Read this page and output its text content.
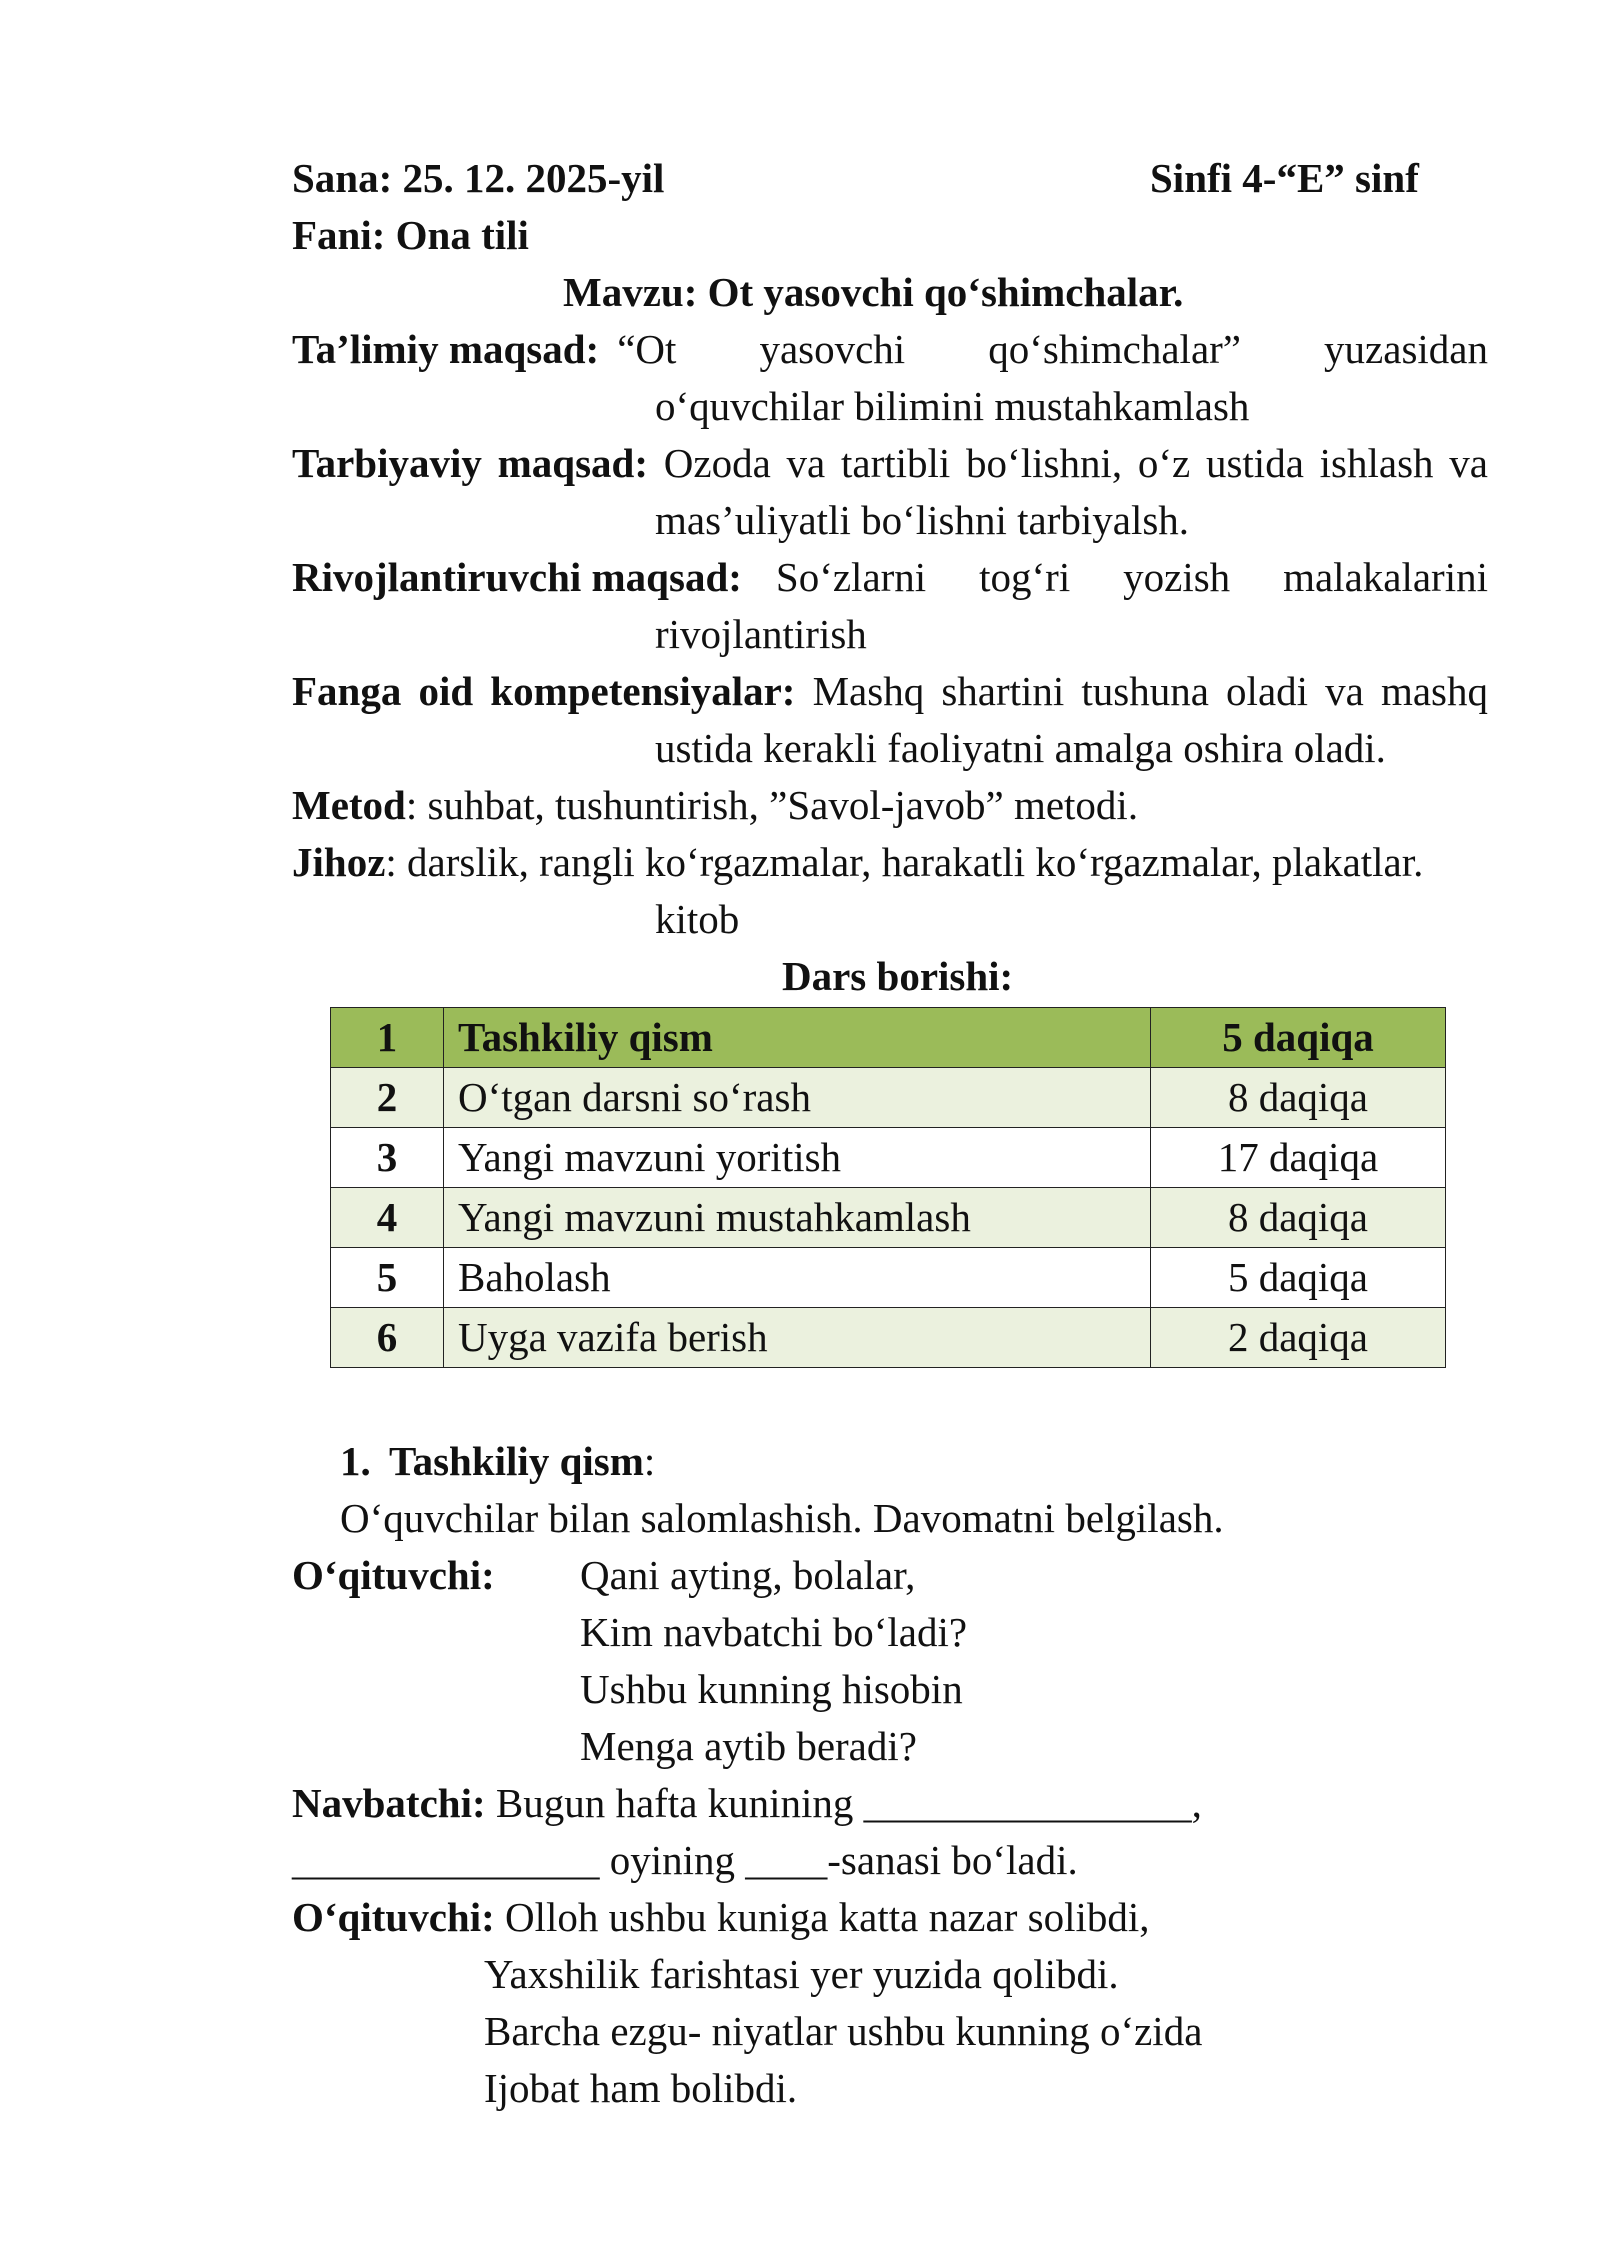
Sana: 25. 12. 2025-yil	Sinfi 4-“E” sinf
Fani: Ona tili
Mavzu: Ot yasovchi qo‘shimchalar.
Ta’limiy maqsad: “Ot yasovchi qo‘shimchalar” yuzasidan
o‘quvchilar bilimini mustahkamlash
Tarbiyaviy maqsad: Ozoda va tartibli bo‘lishni, o‘z ustida ishlash va
mas’uliyatli bo‘lishni tarbiyalsh.
Rivojlantiruvchi maqsad: So‘zlarni tog‘ri yozish malakalarini
rivojlantirish
Fanga oid kompetensiyalar: Mashq shartini tushuna oladi va mashq
ustida kerakli faoliyatni amalga oshira oladi.
Metod: suhbat, tushuntirish, ”Savol-javob” metodi.
Jihoz: darslik, rangli ko‘rgazmalar, harakatli ko‘rgazmalar, plakatlar.
kitob
Dars borishi:
1	Tashkiliy qism	5 daqiqa
2	O‘tgan darsni so‘rash	8 daqiqa
3	Yangi mavzuni yoritish	17 daqiqa
4	Yangi mavzuni mustahkamlash	8 daqiqa
5	Baholash	5 daqiqa
6	Uyga vazifa berish	2 daqiqa
1. Tashkiliy qism:
O‘quvchilar bilan salomlashish. Davomatni belgilash.
O‘qituvchi: Qani ayting, bolalar,
Kim navbatchi bo‘ladi?
Ushbu kunning hisobin
Menga aytib beradi?
Navbatchi: Bugun hafta kunining ________________,
_______________ oyining ____-sanasi bo‘ladi.
O‘qituvchi: Olloh ushbu kuniga katta nazar solibdi,
Yaxshilik farishtasi yer yuzida qolibdi.
Barcha ezgu- niyatlar ushbu kunning o‘zida
Ijobat ham bolibdi.
